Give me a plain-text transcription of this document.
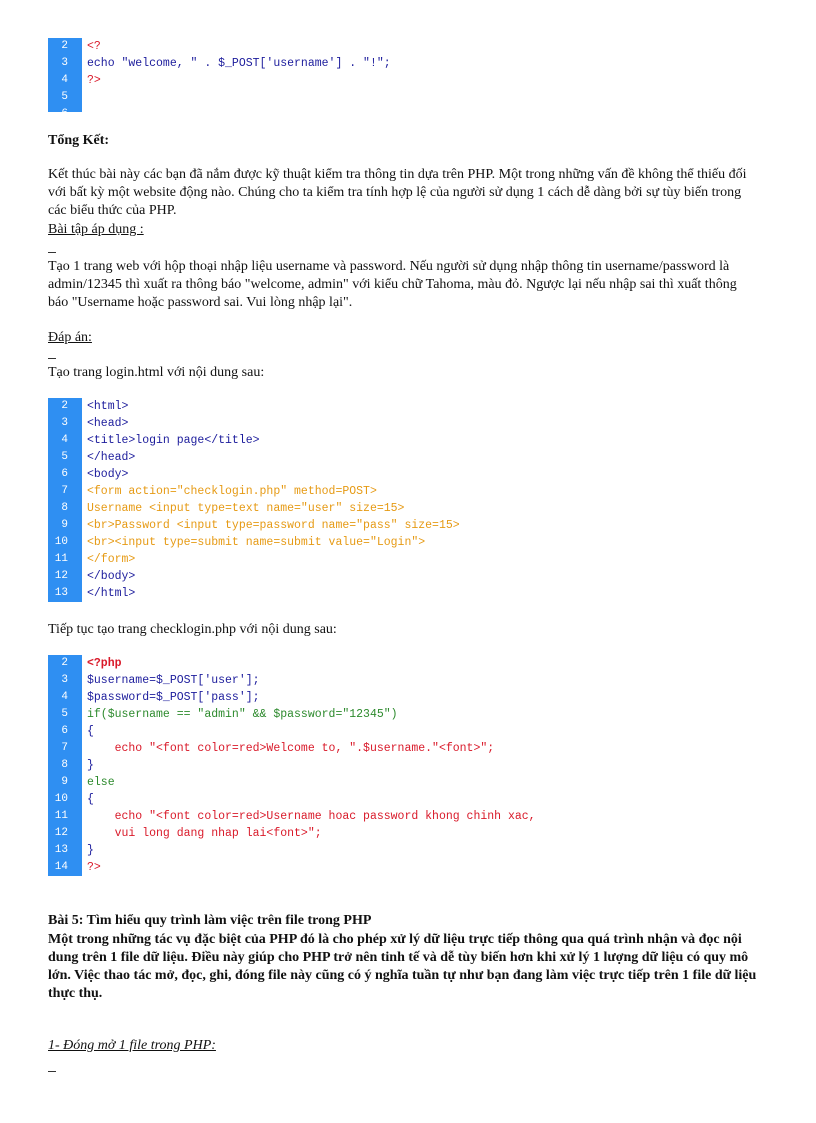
2	<?
3	echo "welcome, " . $_POST['username'] . "!";
4	?>
5
6
Tổng Kết:
Kết thúc bài này các bạn đã nắm được kỹ thuật kiểm tra thông tin dựa trên PHP. Một trong những vấn đề không thể thiếu đối với bất kỳ một website động nào. Chúng cho ta kiểm tra tính hợp lệ của người sử dụng 1 cách dễ dàng bởi sự tùy biến trong các biểu thức của PHP.
Bài tập áp dụng :
Tạo 1 trang web với hộp thoại nhập liệu username và password. Nếu người sử dụng nhập thông tin username/password là admin/12345 thì xuất ra thông báo "welcome, admin" với kiểu chữ Tahoma, màu đỏ. Ngược lại nếu nhập sai thì xuất thông báo "Username hoặc password sai. Vui lòng nhập lại".
Đáp án:
Tạo trang login.html với nội dung sau:
2	<html>
3	<head>
4	<title>login page</title>
5	</head>
6	<body>
7	<form action="checklogin.php" method=POST>
8	Username <input type=text name="user" size=15>
9	<br>Password <input type=password name="pass" size=15>
10	<br><input type=submit name=submit value="Login">
11	</form>
12	</body>
13	</html>
Tiếp tục tạo trang checklogin.php với nội dung sau:
2	<?php
3	$username=$_POST['user'];
4	$password=$_POST['pass'];
5	if($username == "admin" && $password="12345")
6	{
7	echo "<font color=red>Welcome to, ".$username."<font>";
8	}
9	else
10	{
11	echo "<font color=red>Username hoac password khong chinh xac,
12	vui long dang nhap lai<font>";
13	}
14	?>
Bài 5: Tìm hiểu quy trình làm việc trên file trong PHP
Một trong những tác vụ đặc biệt của PHP đó là cho phép xử lý dữ liệu trực tiếp thông qua quá trình nhận và đọc nội dung trên 1 file dữ liệu. Điều này giúp cho PHP trở nên tinh tế và dễ tùy biến hơn khi xử lý 1 lượng dữ liệu có quy mô lớn. Việc thao tác mở, đọc, ghi, đóng file này cũng có ý nghĩa tuần tự như bạn đang làm việc trực tiếp trên 1 file dữ liệu thực thụ.
1- Đóng mở 1 file trong PHP:
